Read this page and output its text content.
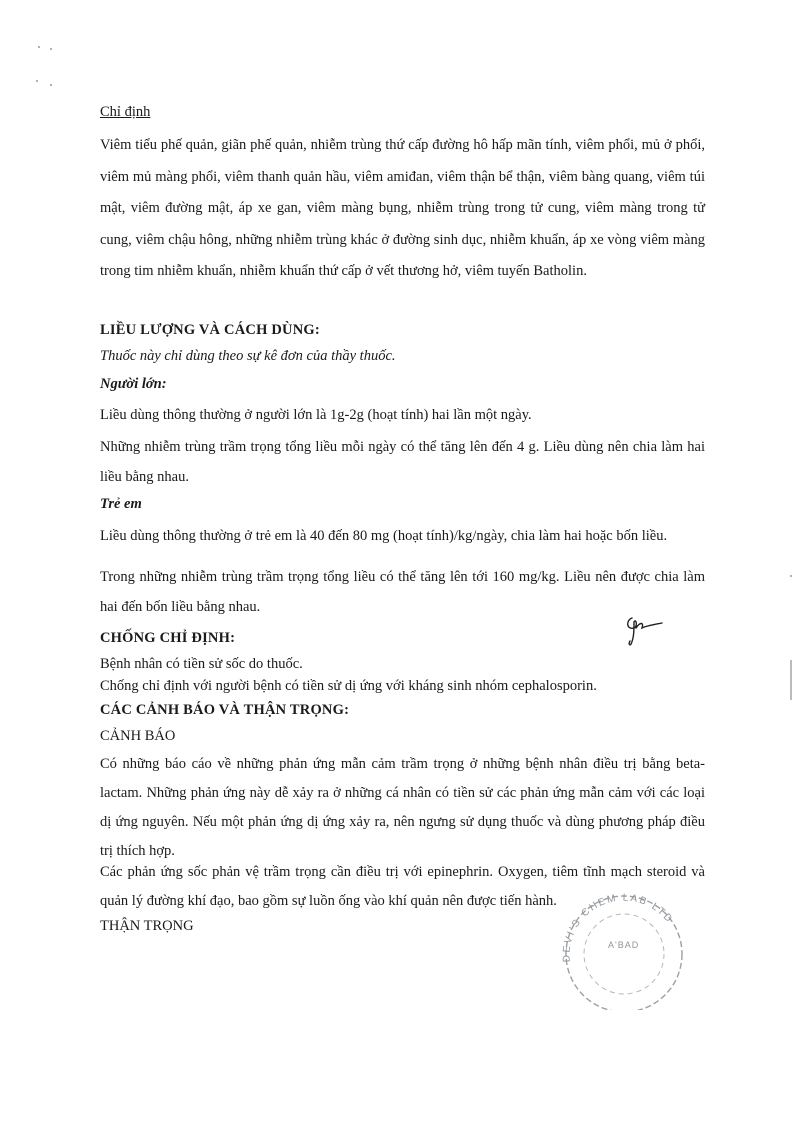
Chỉ định
Viêm tiểu phế quản, giãn phế quản, nhiễm trùng thứ cấp đường hô hấp mãn tính, viêm phổi, mủ ở phổi, viêm mủ màng phổi, viêm thanh quản hầu, viêm amiđan, viêm thận bể thận, viêm bàng quang, viêm túi mật, viêm đường mật, áp xe gan, viêm màng bụng, nhiễm trùng trong tử cung, viêm màng trong tử cung, viêm chậu hông, những nhiễm trùng khác ở đường sinh dục, nhiễm khuẩn, áp xe vòng viêm màng trong tim nhiễm khuẩn, nhiễm khuẩn thứ cấp ở vết thương hở, viêm tuyến Batholin.
LIỀU LƯỢNG VÀ CÁCH DÙNG:
Thuốc này chỉ dùng theo sự kê đơn của thầy thuốc.
Người lớn:
Liều dùng thông thường ở người lớn là 1g-2g (hoạt tính) hai lần một ngày.
Những nhiễm trùng trầm trọng tổng liều mỗi ngày có thể tăng lên đến 4 g. Liều dùng nên chia làm hai liều bằng nhau.
Trẻ em
Liều dùng thông thường ở trẻ em là 40 đến 80 mg (hoạt tính)/kg/ngày, chia làm hai hoặc bốn liều.
Trong những nhiễm trùng trầm trọng tổng liều có thể tăng lên tới 160 mg/kg. Liều nên được chia làm hai đến bốn liều bằng nhau.
CHỐNG CHỈ ĐỊNH:
Bệnh nhân có tiền sử sốc do thuốc.
Chống chỉ định với người bệnh có tiền sử dị ứng với kháng sinh nhóm cephalosporin.
CÁC CẢNH BÁO VÀ THẬN TRỌNG:
CẢNH BÁO
Có những báo cáo về những phản ứng mẫn cảm trầm trọng ở những bệnh nhân điều trị bằng beta-lactam. Những phản ứng này dễ xảy ra ở những cá nhân có tiền sử các phản ứng mẫn cảm với các loại dị ứng nguyên. Nếu một phản ứng dị ứng xảy ra, nên ngưng sử dụng thuốc và dùng phương pháp điều trị thích hợp.
Các phản ứng sốc phản vệ trầm trọng cần điều trị với epinephrin. Oxygen, tiêm tĩnh mạch steroid và quản lý đường khí đạo, bao gồm sự luồn ống vào khí quản nên được tiến hành.
THẬN TRỌNG
DEVI'S CHEM LAB LTD
A'BAD
